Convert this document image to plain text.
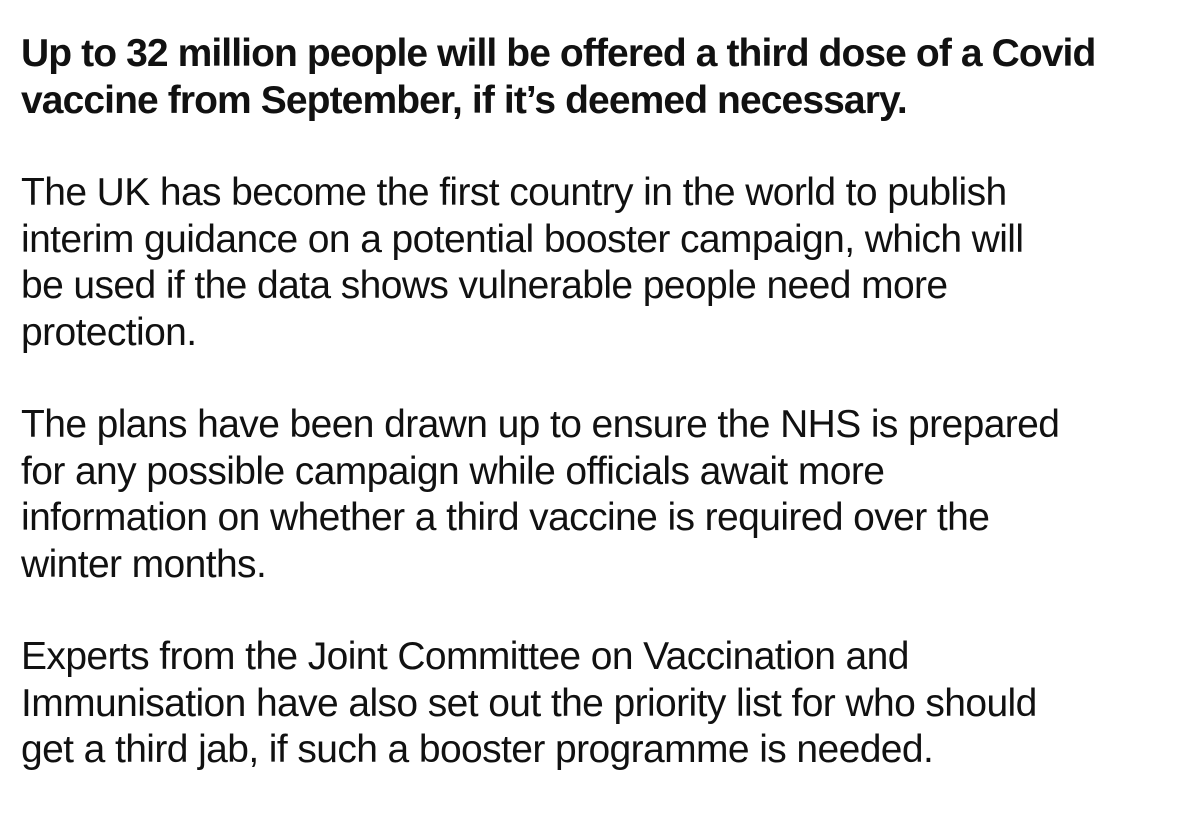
Up to 32 million people will be offered a third dose of a Covid
vaccine from September, if it’s deemed necessary.

The UK has become the first country in the world to publish
interim guidance on a potential booster campaign, which will
be used if the data shows vulnerable people need more
protection.

The plans have been drawn up to ensure the NHS is prepared
for any possible campaign while officials await more
information on whether a third vaccine is required over the
winter months.

Experts from the Joint Committee on Vaccination and
Immunisation have also set out the priority list for who should
get a third jab, if such a booster programme is needed.
